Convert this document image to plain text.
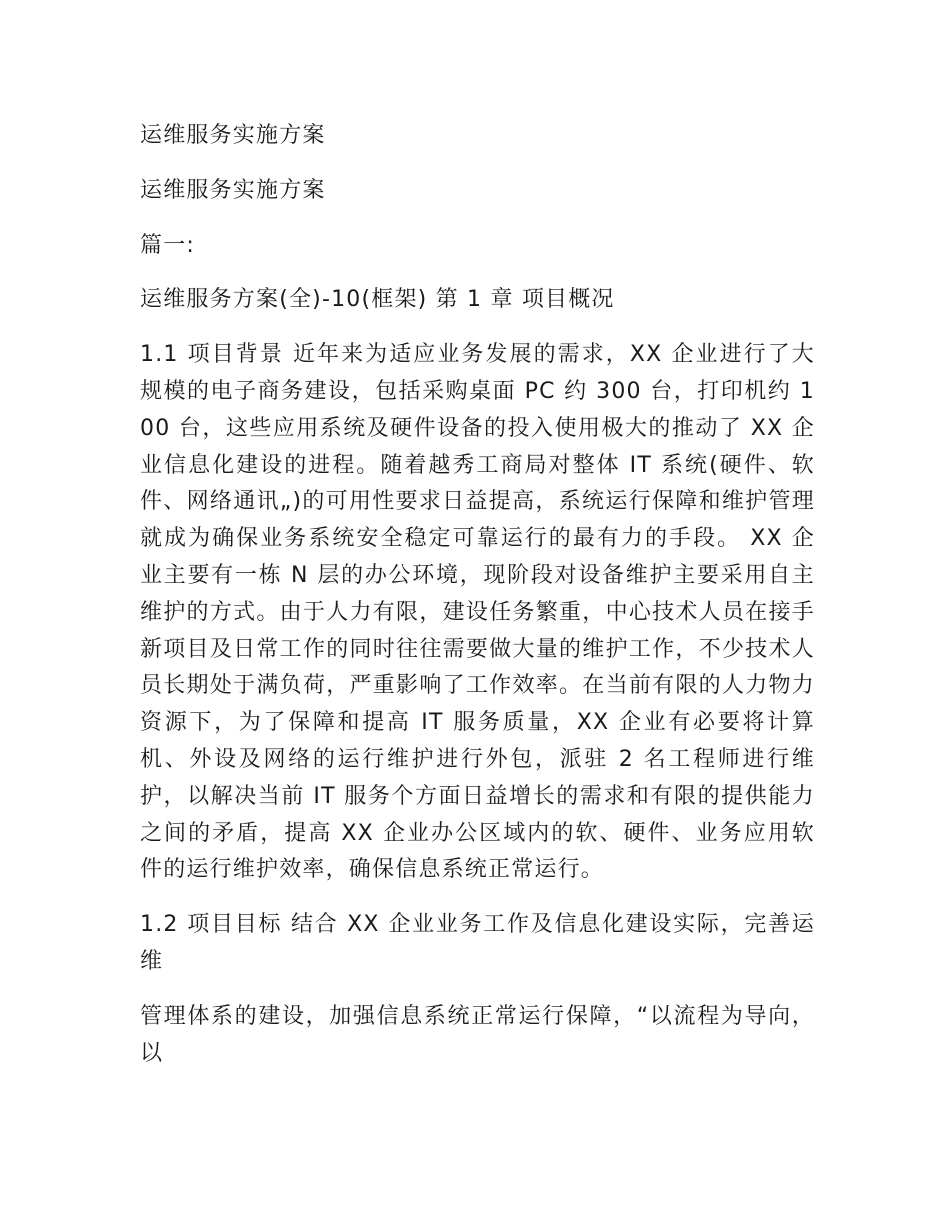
运维服务实施方案

运维服务实施方案

篇一:

运维服务方案(全)-10(框架) 第 1 章 项目概况

1.1 项目背景 近年来为适应业务发展的需求，XX 企业进行了大规模的电子商务建设，包括采购桌面 PC 约 300 台，打印机约 100 台，这些应用系统及硬件设备的投入使用极大的推动了 XX 企业信息化建设的进程。随着越秀工商局对整体 IT 系统(硬件、软件、网络通讯„)的可用性要求日益提高，系统运行保障和维护管理就成为确保业务系统安全稳定可靠运行的最有力的手段。 XX 企业主要有一栋 N 层的办公环境，现阶段对设备维护主要采用自主维护的方式。由于人力有限，建设任务繁重，中心技术人员在接手新项目及日常工作的同时往往需要做大量的维护工作，不少技术人员长期处于满负荷，严重影响了工作效率。在当前有限的人力物力资源下，为了保障和提高 IT 服务质量，XX 企业有必要将计算机、外设及网络的运行维护进行外包，派驻 2 名工程师进行维护，以解决当前 IT 服务个方面日益增长的需求和有限的提供能力之间的矛盾，提高 XX 企业办公区域内的软、硬件、业务应用软件的运行维护效率，确保信息系统正常运行。

1.2 项目目标 结合 XX 企业业务工作及信息化建设实际，完善运维

管理体系的建设，加强信息系统正常运行保障，“以流程为导向，以
